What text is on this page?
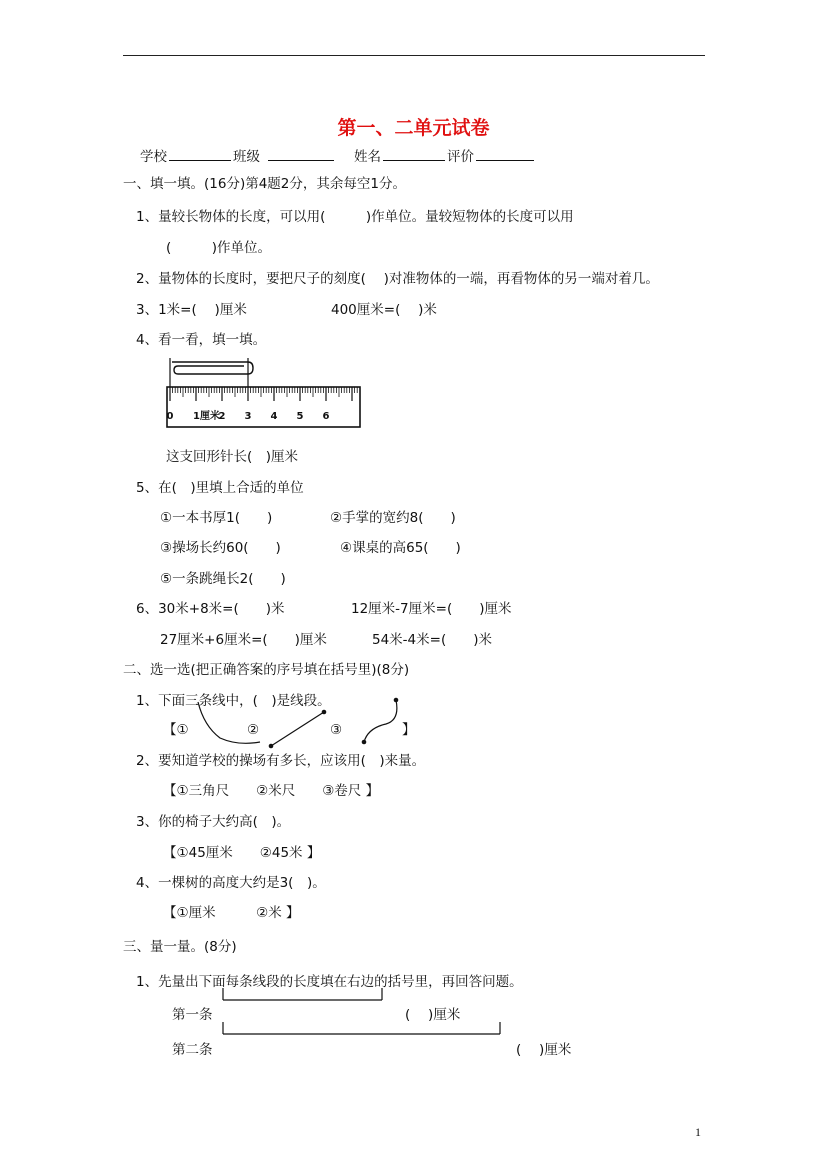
第一、二单元试卷
学校	班级	姓名	评价
一、填一填。(16分)第4题2分，其余每空1分。
1、量较长物体的长度，可以用(　　　)作单位。量较短物体的长度可以用
(　　　)作单位。
2、量物体的长度时，要把尺子的刻度(　 )对准物体的一端，再看物体的另一端对着几。
3、1米=(　 )厘米	400厘米=(　 )米
4、看一看，填一填。
0 1厘米
2 3 4 5 6
这支回形针长(　)厘米
5、在(　)里填上合适的单位
①一本书厚1(　　)	②手掌的宽约8(　　)
③操场长约60(　　)	④课桌的高65(　　)
⑤一条跳绳长2(　　)
6、30米+8米=(　　)米	12厘米-7厘米=(　　)厘米
27厘米+6厘米=(　　)厘米	54米-4米=(　　)米
二、选一选(把正确答案的序号填在括号里)(8分)
1、下面三条线中，(　)是线段。
【①	②	③	】
2、要知道学校的操场有多长，应该用(　)来量。
【①三角尺　　②米尺　　③卷尺 】
3、你的椅子大约高(　)。
【①45厘米　　②45米 】
4、一棵树的高度大约是3(　)。
【①厘米　　　②米 】
三、量一量。(8分)
1、先量出下面每条线段的长度填在右边的括号里，再回答问题。
第一条	(　 )厘米
第二条	(　 )厘米
1
